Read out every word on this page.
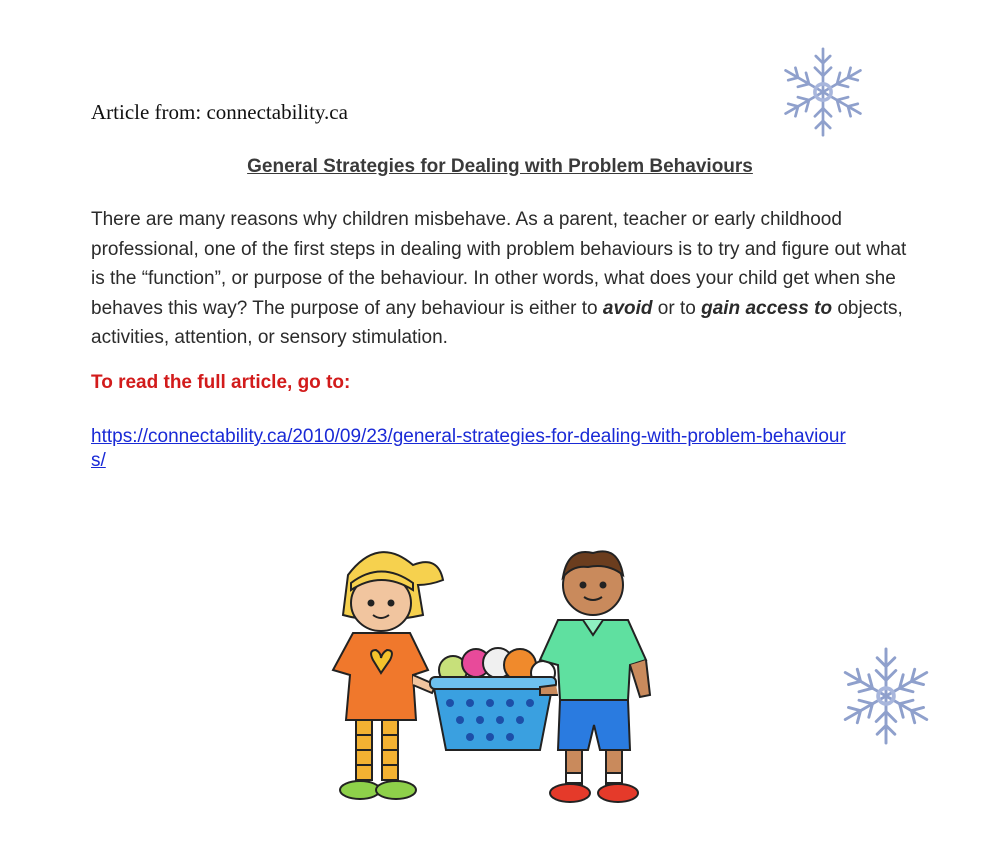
Article from: connectability.ca

General Strategies for Dealing with Problem Behaviours

There are many reasons why children misbehave. As a parent, teacher or early childhood professional, one of the first steps in dealing with problem behaviours is to try and figure out what is the “function”, or purpose of the behaviour. In other words, what does your child get when she behaves this way? The purpose of any behaviour is either to avoid or to gain access to objects, activities, attention, or sensory stimulation.

To read the full article, go to:

https://connectability.ca/2010/09/23/general-strategies-for-dealing-with-problem-behaviours/
